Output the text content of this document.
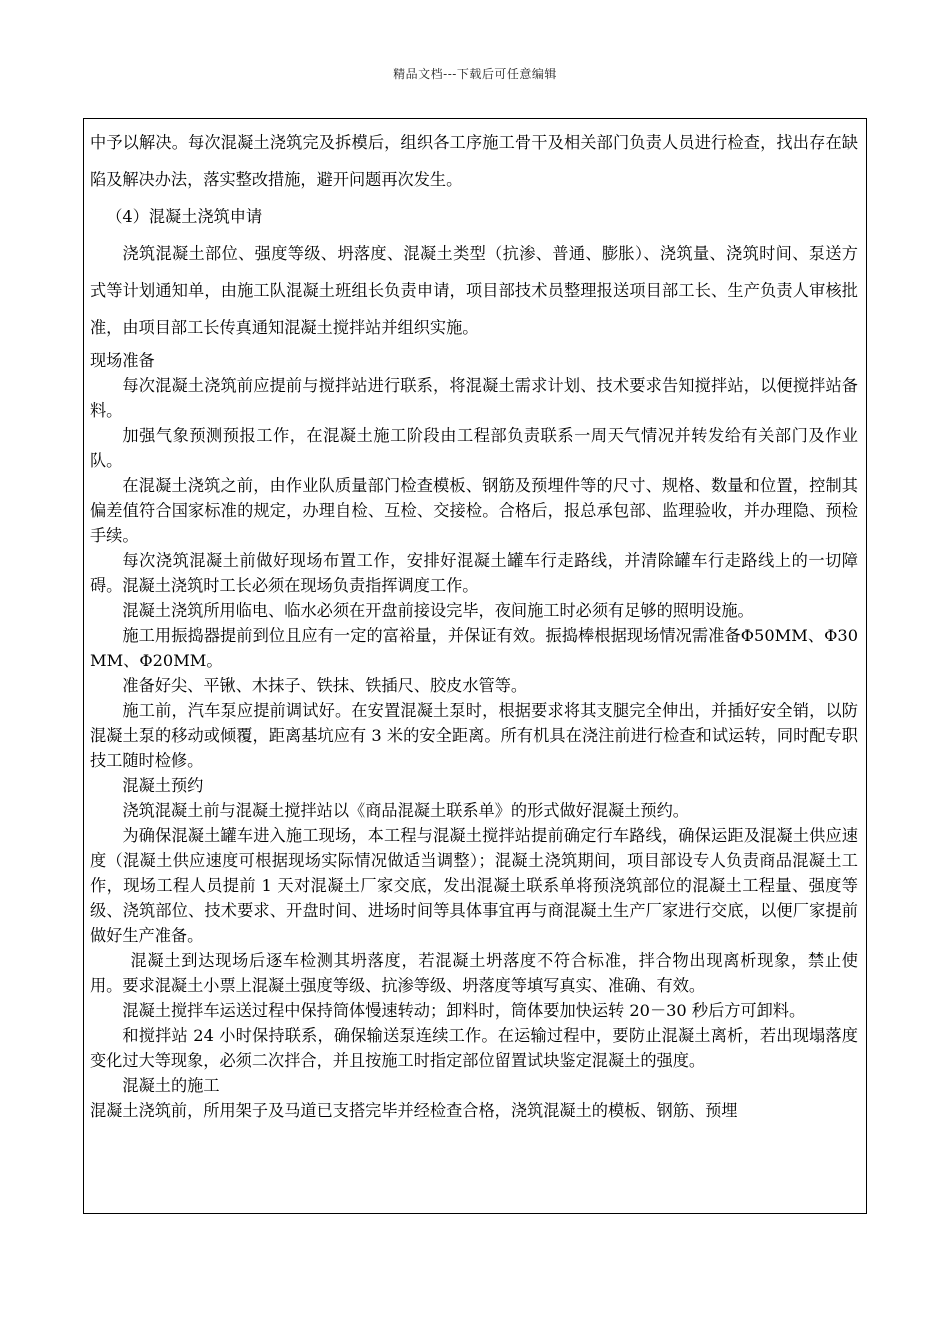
精品文档---下载后可任意编辑

中予以解决。每次混凝土浇筑完及拆模后，组织各工序施工骨干及相关部门负责人员进行检查，找出存在缺陷及解决办法，落实整改措施，避开问题再次发生。

（4）混凝土浇筑申请

浇筑混凝土部位、强度等级、坍落度、混凝土类型（抗渗、普通、膨胀）、浇筑量、浇筑时间、泵送方式等计划通知单，由施工队混凝土班组长负责申请，项目部技术员整理报送项目部工长、生产负责人审核批准，由项目部工长传真通知混凝土搅拌站并组织实施。

现场准备

每次混凝土浇筑前应提前与搅拌站进行联系，将混凝土需求计划、技术要求告知搅拌站，以便搅拌站备料。

加强气象预测预报工作，在混凝土施工阶段由工程部负责联系一周天气情况并转发给有关部门及作业队。

在混凝土浇筑之前，由作业队质量部门检查模板、钢筋及预埋件等的尺寸、规格、数量和位置，控制其偏差值符合国家标准的规定，办理自检、互检、交接检。合格后，报总承包部、监理验收，并办理隐、预检手续。

每次浇筑混凝土前做好现场布置工作，安排好混凝土罐车行走路线，并清除罐车行走路线上的一切障碍。混凝土浇筑时工长必须在现场负责指挥调度工作。

混凝土浇筑所用临电、临水必须在开盘前接设完毕，夜间施工时必须有足够的照明设施。

施工用振捣器提前到位且应有一定的富裕量，并保证有效。振捣棒根据现场情况需准备Φ50MM、Φ30MM、Φ20MM。

准备好尖、平锹、木抹子、铁抹、铁插尺、胶皮水管等。

施工前，汽车泵应提前调试好。在安置混凝土泵时，根据要求将其支腿完全伸出，并插好安全销，以防混凝土泵的移动或倾覆，距离基坑应有 3 米的安全距离。所有机具在浇注前进行检查和试运转，同时配专职技工随时检修。

混凝土预约

浇筑混凝土前与混凝土搅拌站以《商品混凝土联系单》的形式做好混凝土预约。

为确保混凝土罐车进入施工现场，本工程与混凝土搅拌站提前确定行车路线，确保运距及混凝土供应速度（混凝土供应速度可根据现场实际情况做适当调整）；混凝土浇筑期间，项目部设专人负责商品混凝土工作，现场工程人员提前 1 天对混凝土厂家交底，发出混凝土联系单将预浇筑部位的混凝土工程量、强度等级、浇筑部位、技术要求、开盘时间、进场时间等具体事宜再与商混凝土生产厂家进行交底，以便厂家提前做好生产准备。

混凝土到达现场后逐车检测其坍落度，若混凝土坍落度不符合标准，拌合物出现离析现象，禁止使用。要求混凝土小票上混凝土强度等级、抗渗等级、坍落度等填写真实、准确、有效。

混凝土搅拌车运送过程中保持筒体慢速转动；卸料时，筒体要加快运转 20－30 秒后方可卸料。

和搅拌站 24 小时保持联系，确保输送泵连续工作。在运输过程中，要防止混凝土离析，若出现塌落度变化过大等现象，必须二次拌合，并且按施工时指定部位留置试块鉴定混凝土的强度。

混凝土的施工

混凝土浇筑前，所用架子及马道已支搭完毕并经检查合格，浇筑混凝土的模板、钢筋、预埋
